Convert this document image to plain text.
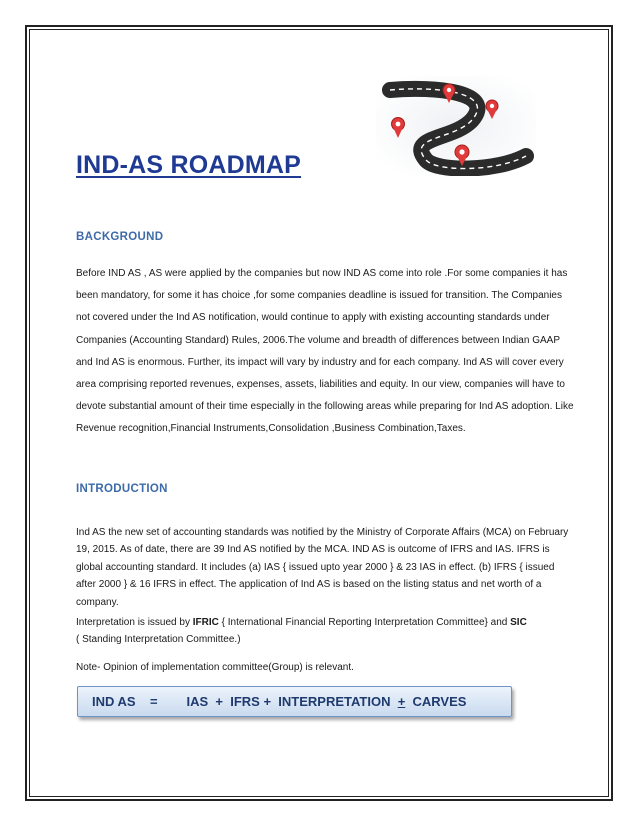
IND-AS ROADMAP
BACKGROUND

Before IND AS , AS were applied by the companies but now IND AS come into role .For some companies it has been mandatory, for some it has choice ,for some companies deadline is issued for transition. The Companies not covered under the Ind AS notification, would continue to apply with existing accounting standards under Companies (Accounting Standard) Rules, 2006.The volume and breadth of differences between Indian GAAP and Ind AS is enormous. Further, its impact will vary by industry and for each company. Ind AS will cover every area comprising reported revenues, expenses, assets, liabilities and equity. In our view, companies will have to devote substantial amount of their time especially in the following areas while preparing for Ind AS adoption. Like Revenue recognition,Financial Instruments,Consolidation ,Business Combination,Taxes.

INTRODUCTION

Ind AS the new set of accounting standards was notified by the Ministry of Corporate Affairs (MCA) on February 19, 2015. As of date, there are 39 Ind AS notified by the MCA. IND AS is outcome of IFRS and IAS. IFRS is global accounting standard. It includes (a) IAS { issued upto year 2000 } & 23 IAS in effect. (b) IFRS { issued after 2000 } & 16 IFRS in effect. The application of Ind AS is based on the listing status and net worth of a company.

Interpretation is issued by IFRIC { International Financial Reporting Interpretation Committee} and SIC
( Standing Interpretation Committee.)

Note- Opinion of implementation committee(Group) is relevant.

IND AS
=
IAS  +  IFRS +  INTERPRETATION + CARVES
